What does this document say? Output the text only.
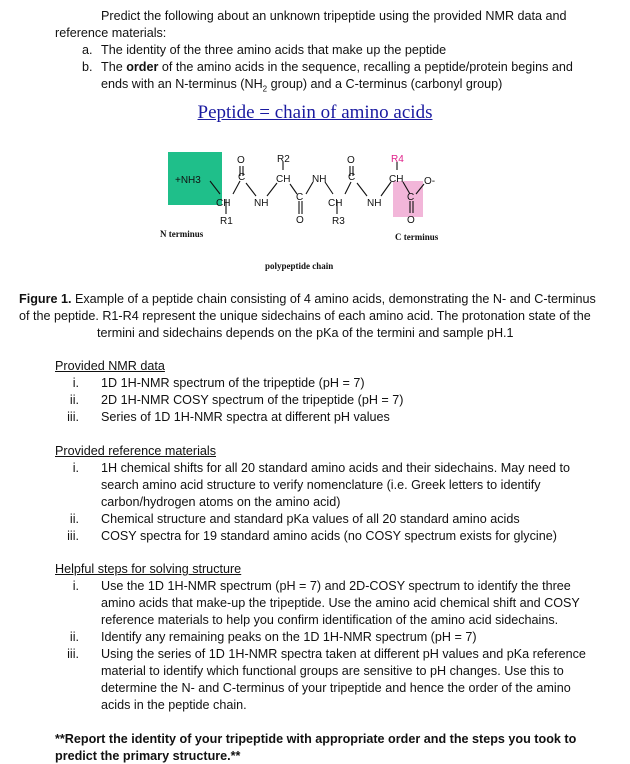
Predict the following about an unknown tripeptide using the provided NMR data and
reference materials:
a. The identity of the three amino acids that make up the peptide
b. The order of the amino acids in the sequence, recalling a peptide/protein begins and
ends with an N-terminus ($NH_2$ group) and a C-terminus (carbonyl group)
Peptide = chain of amino acids
+NH3
CH
R1
C
O
NH
CH
R2
C
O
NH
CH
R3
C
O
NH
CH
R4
C
O
O-
N terminus	C terminus
polypeptide chain
Figure 1. Example of a peptide chain consisting of 4 amino acids, demonstrating the N- and C-terminus
of the peptide. R1-R4 represent the unique sidechains of each amino acid. The protonation state of the
termini and sidechains depends on the pKa of the termini and sample pH.1
Provided NMR data
i. 1D 1H-NMR spectrum of the tripeptide (pH = 7)
ii. 2D 1H-NMR COSY spectrum of the tripeptide (pH = 7)
iii. Series of 1D 1H-NMR spectra at different pH values
Provided reference materials
i. 1H chemical shifts for all 20 standard amino acids and their sidechains. May need to
search amino acid structure to verify nomenclature (i.e. Greek letters to identify
carbon/hydrogen atoms on the amino acid)
ii. Chemical structure and standard pKa values of all 20 standard amino acids
iii. COSY spectra for 19 standard amino acids (no COSY spectrum exists for glycine)
Helpful steps for solving structure
i. Use the 1D 1H-NMR spectrum (pH = 7) and 2D-COSY spectrum to identify the three
amino acids that make-up the tripeptide. Use the amino acid chemical shift and COSY
reference materials to help you confirm identification of the amino acid sidechains.
ii. Identify any remaining peaks on the 1D 1H-NMR spectrum (pH = 7)
iii. Using the series of 1D 1H-NMR spectra taken at different pH values and pKa reference
material to identify which functional groups are sensitive to pH changes. Use this to
determine the N- and C-terminus of your tripeptide and hence the order of the amino
acids in the peptide chain.
**Report the identity of your tripeptide with appropriate order and the steps you took to
predict the primary structure.**
